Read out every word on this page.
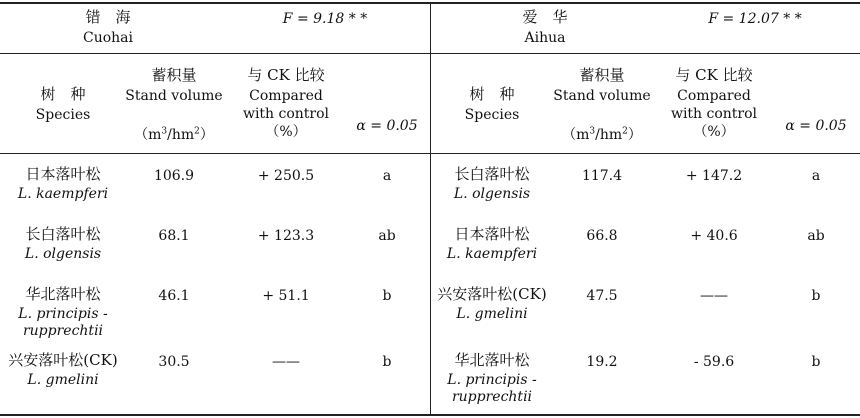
错　海
Cuohai
F = 9.18 * *
树　种
Species
蓄积量
Stand volume
$(m^3/hm^2)$
与 CK 比较
Compared
with control
（%）	α = 0.05
日本落叶松
L. kaempferi
106.9	+ 250.5	a
长白落叶松
L. olgensis
68.1	+ 123.3	ab
华北落叶松
L. principis -
rupprechtii
46.1	+ 51.1	b
兴安落叶松(CK)
L. gmelini
30.5	——	b
爱　华
Aihua
F = 12.07 * *
树　种
Species
蓄积量
Stand volume
$(m^3/hm^2)$
与 CK 比较
Compared
with control
（%）	α = 0.05
长白落叶松
L. olgensis
117.4	+ 147.2	a
日本落叶松
L. kaempferi
66.8	+ 40.6	ab
兴安落叶松(CK)
L. gmelini
47.5	——	b
华北落叶松
L. principis -
rupprechtii
19.2	- 59.6	b
